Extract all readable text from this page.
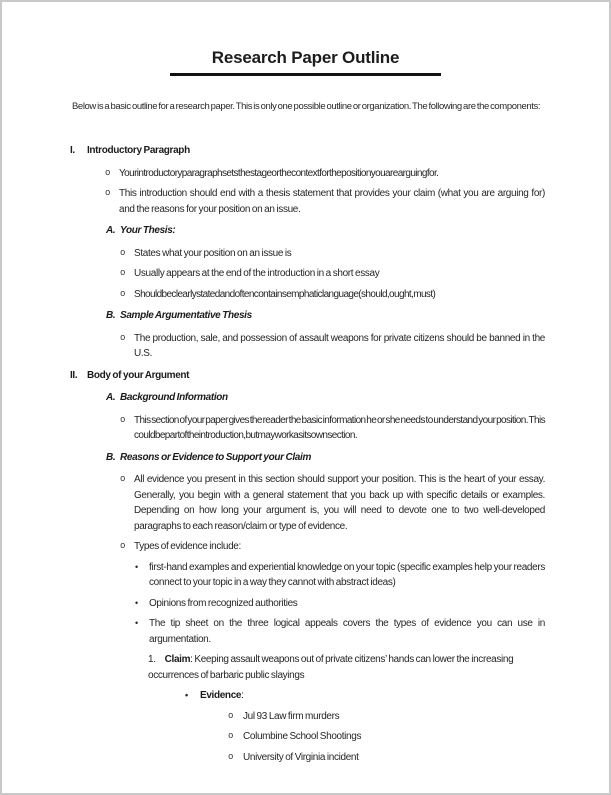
Research Paper Outline

Below is a basic outline for a research paper. This is only one possible outline or organization. The following are the components:

I.	Introductory Paragraph
o Your introductory paragraph sets the stage or the context for the position you are arguing for.
o This introduction should end with a thesis statement that provides your claim (what you are arguing for) and the reasons for your position on an issue.
A. Your Thesis:
o States what your position on an issue is
o Usually appears at the end of the introduction in a short essay
o Should be clearly stated and often contains emphatic language (should, ought, must)
B. Sample Argumentative Thesis
o The production, sale, and possession of assault weapons for private citizens should be banned in the U.S.
II. Body of your Argument
A. Background Information
o This section of your paper gives the reader the basic information he or she needs to understand your position. This could be part of the introduction, but may work as its own section.
B. Reasons or Evidence to Support your Claim
o All evidence you present in this section should support your position. This is the heart of your essay. Generally, you begin with a general statement that you back up with specific details or examples. Depending on how long your argument is, you will need to devote one to two well-developed paragraphs to each reason/claim or type of evidence.
o Types of evidence include:
•	first-hand examples and experiential knowledge on your topic (specific examples help your readers connect to your topic in a way they cannot with abstract ideas)
•	Opinions from recognized authorities
•	The tip sheet on the three logical appeals covers the types of evidence you can use in argumentation.
1. Claim: Keeping assault weapons out of private citizens’ hands can lower the increasing occurrences of barbaric public slayings
•	Evidence:
o Jul 93 Law firm murders
o Columbine School Shootings
o University of Virginia incident
